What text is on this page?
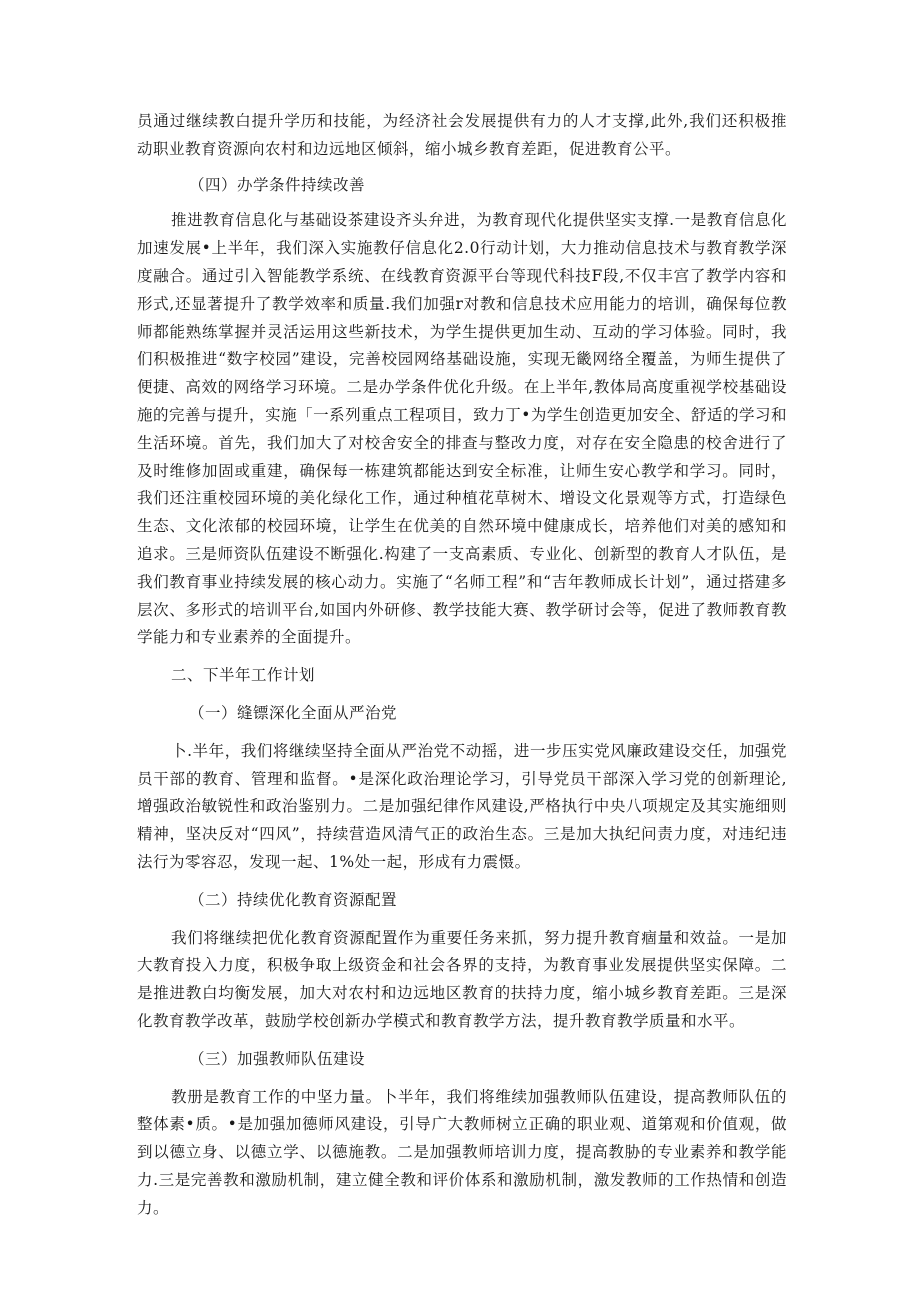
员通过继续教白提升学历和技能，为经济社会发展提供有力的人才支撑,此外,我们还积极推动职业教育资源向农村和边远地区倾斜，缩小城乡教育差距，促进教育公平。

（四）办学条件持续改善

推进教育信息化与基础设茶建设齐头弁进，为教育现代化提供坚实支撑.一是教育信息化加速发展•上半年，我们深入实施教仔信息化2.0行动计划，大力推动信息技术与教育教学深度融合。通过引入智能教学系统、在线教育资源平台等现代科技F段,不仅丰宫了教学内容和形式,还显著提升了教学效率和质量.我们加强r对教和信息技术应用能力的培训，确保每位教师都能熟练掌握并灵活运用这些新技术，为学生提供更加生动、互动的学习体验。同时，我们积极推进“数字校园”建设，完善校园网络基础设施，实现无畿网络全覆盖，为师生提供了便捷、高效的网络学习环境。二是办学条件优化升级。在上半年,教体局高度重视学校基础设施的完善与提升，实施「一系列重点工程项目，致力丁•为学生创造更加安全、舒适的学习和生活环境。首先，我们加大了对校舍安全的排查与整改力度，对存在安全隐患的校舍进行了及时维修加固或重建，确保每一栋建筑都能达到安全标准，让师生安心教学和学习。同时，我们还注重校园环境的美化绿化工作，通过种植花草树木、增设文化景观等方式，打造绿色生态、文化浓郁的校园环境，让学生在优美的自然环境中健康成长，培养他们对美的感知和追求。三是师资队伍建设不断强化.构建了一支高素质、专业化、创新型的教育人才队伍，是我们教育事业持续发展的核心动力。实施了“名师工程”和“吉年教师成长计划”，通过搭建多层次、多形式的培训平台,如国内外研修、教学技能大赛、教学研讨会等，促进了教师教育教学能力和专业素养的全面提升。

二、下半年工作计划

（一）缝镖深化全面从严治党

卜.半年，我们将继续坚持全面从严治党不动摇，进一步压实党风廉政建设交任，加强党员干部的教育、管理和监督。•是深化政治理论学习，引导党员干部深入学习党的创新理论,增强政治敏锐性和政治鉴别力。二是加强纪律作风建设,严格执行中央八项规定及其实施细则精神，坚决反对“四风”，持续营造风清气正的政治生态。三是加大执纪问责力度，对违纪违法行为零容忍，发现一起、1%处一起，形成有力震慑。

（二）持续优化教育资源配置

我们将继续把优化教育资源配置作为重要任务来抓，努力提升教育痼量和效益。一是加大教育投入力度，积极争取上级资金和社会各界的支持，为教育事业发展提供坚实保障。二是推进教白均衡发展，加大对农村和边远地区教育的扶持力度，缩小城乡教育差距。三是深化教育教学改革，鼓励学校创新办学模式和教育教学方法，提升教育教学质量和水平。

（三）加强教师队伍建设

教册是教育工作的中坚力量。卜半年，我们将维续加强教师队伍建设，提高教师队伍的整体素•质。•是加强加德师风建设，引导广大教师树立正确的职业观、道第观和价值观，做到以德立身、以德立学、以德施教。二是加强教师培训力度，提高教胁的专业素养和教学能力.三是完善教和激励机制，建立健全教和评价体系和激励机制，激发教师的工作热情和创造力。
